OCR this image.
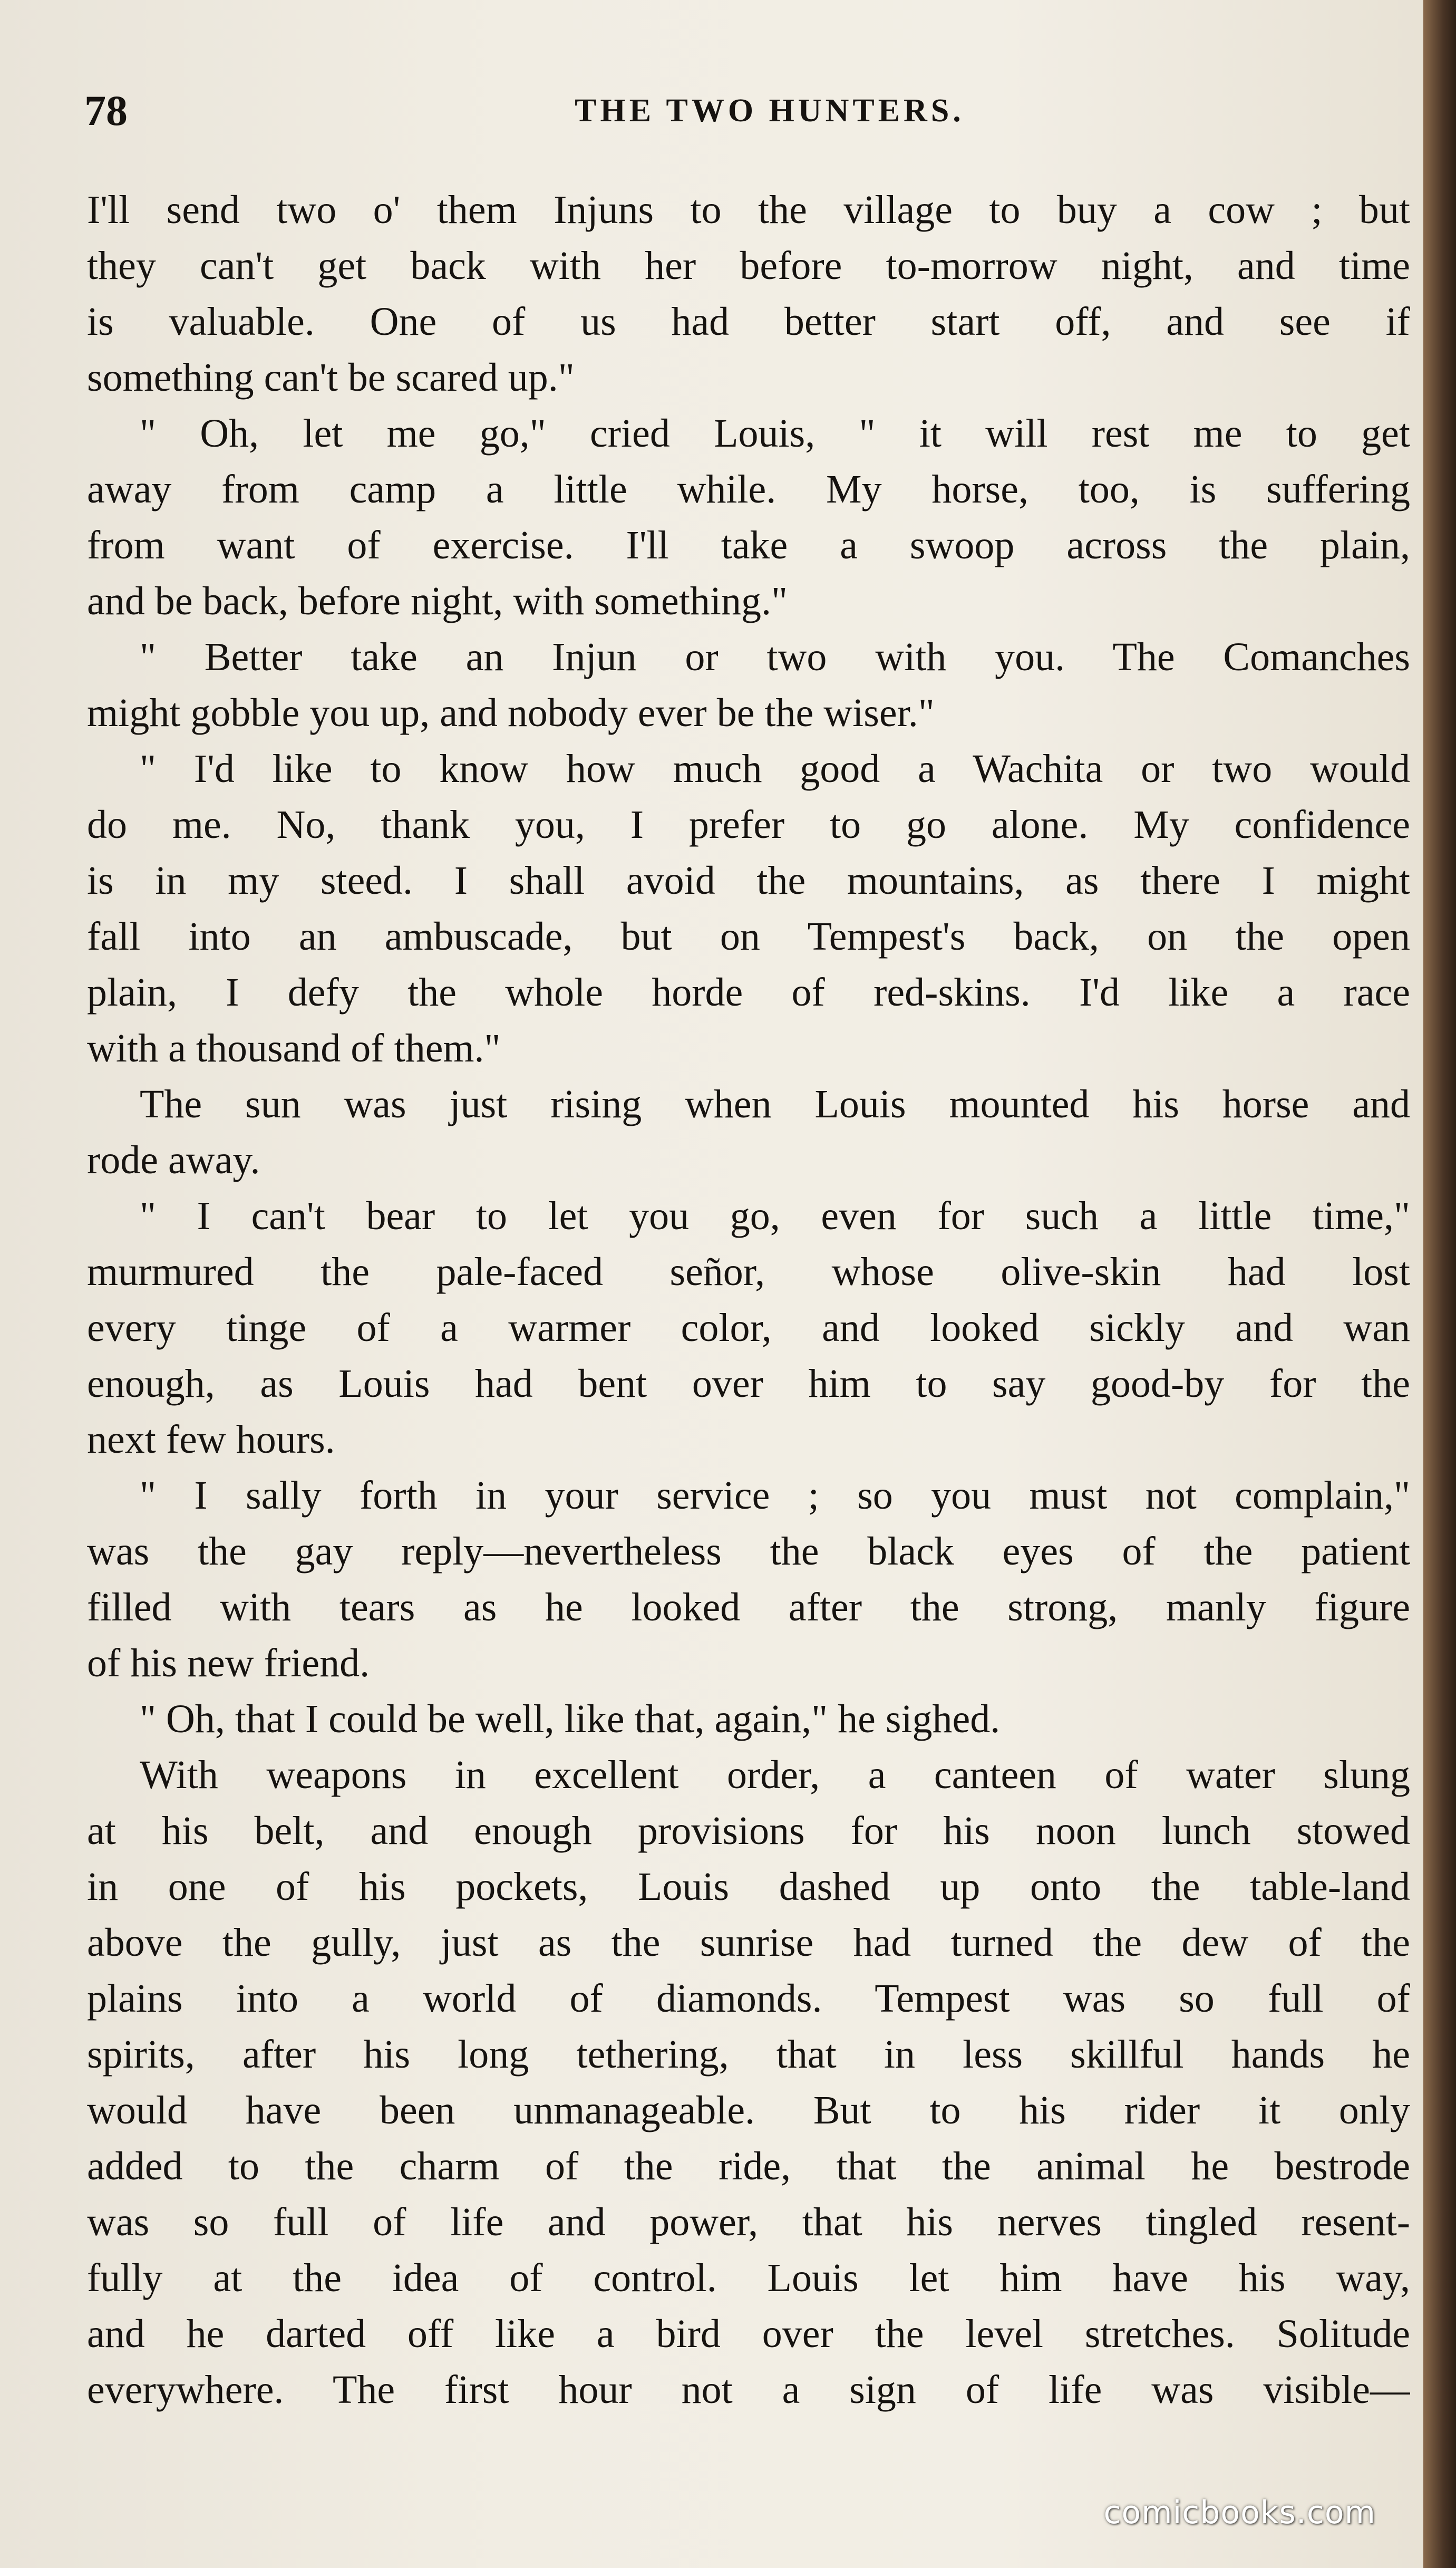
78	THE TWO HUNTERS.
I'll send two o' them Injuns to the village to buy a cow ; but
they can't get back with her before to-morrow night, and time
is valuable. One of us had better start off, and see if
something can't be scared up."
" Oh, let me go," cried Louis, " it will rest me to get
away from camp a little while. My horse, too, is suffering
from want of exercise. I'll take a swoop across the plain,
and be back, before night, with something."
" Better take an Injun or two with you. The Comanches
might gobble you up, and nobody ever be the wiser."
" I'd like to know how much good a Wachita or two would
do me. No, thank you, I prefer to go alone. My confidence
is in my steed. I shall avoid the mountains, as there I might
fall into an ambuscade, but on Tempest's back, on the open
plain, I defy the whole horde of red-skins. I'd like a race
with a thousand of them."
The sun was just rising when Louis mounted his horse and
rode away.
" I can't bear to let you go, even for such a little time,"
murmured the pale-faced señor, whose olive-skin had lost
every tinge of a warmer color, and looked sickly and wan
enough, as Louis had bent over him to say good-by for the
next few hours.
" I sally forth in your service ; so you must not complain,"
was the gay reply—nevertheless the black eyes of the patient
filled with tears as he looked after the strong, manly figure
of his new friend.
" Oh, that I could be well, like that, again," he sighed.
With weapons in excellent order, a canteen of water slung
at his belt, and enough provisions for his noon lunch stowed
in one of his pockets, Louis dashed up onto the table-land
above the gully, just as the sunrise had turned the dew of the
plains into a world of diamonds. Tempest was so full of
spirits, after his long tethering, that in less skillful hands he
would have been unmanageable. But to his rider it only
added to the charm of the ride, that the animal he bestrode
was so full of life and power, that his nerves tingled resent-
fully at the idea of control. Louis let him have his way,
and he darted off like a bird over the level stretches. Solitude
everywhere. The first hour not a sign of life was visible—
comicbooks.com
